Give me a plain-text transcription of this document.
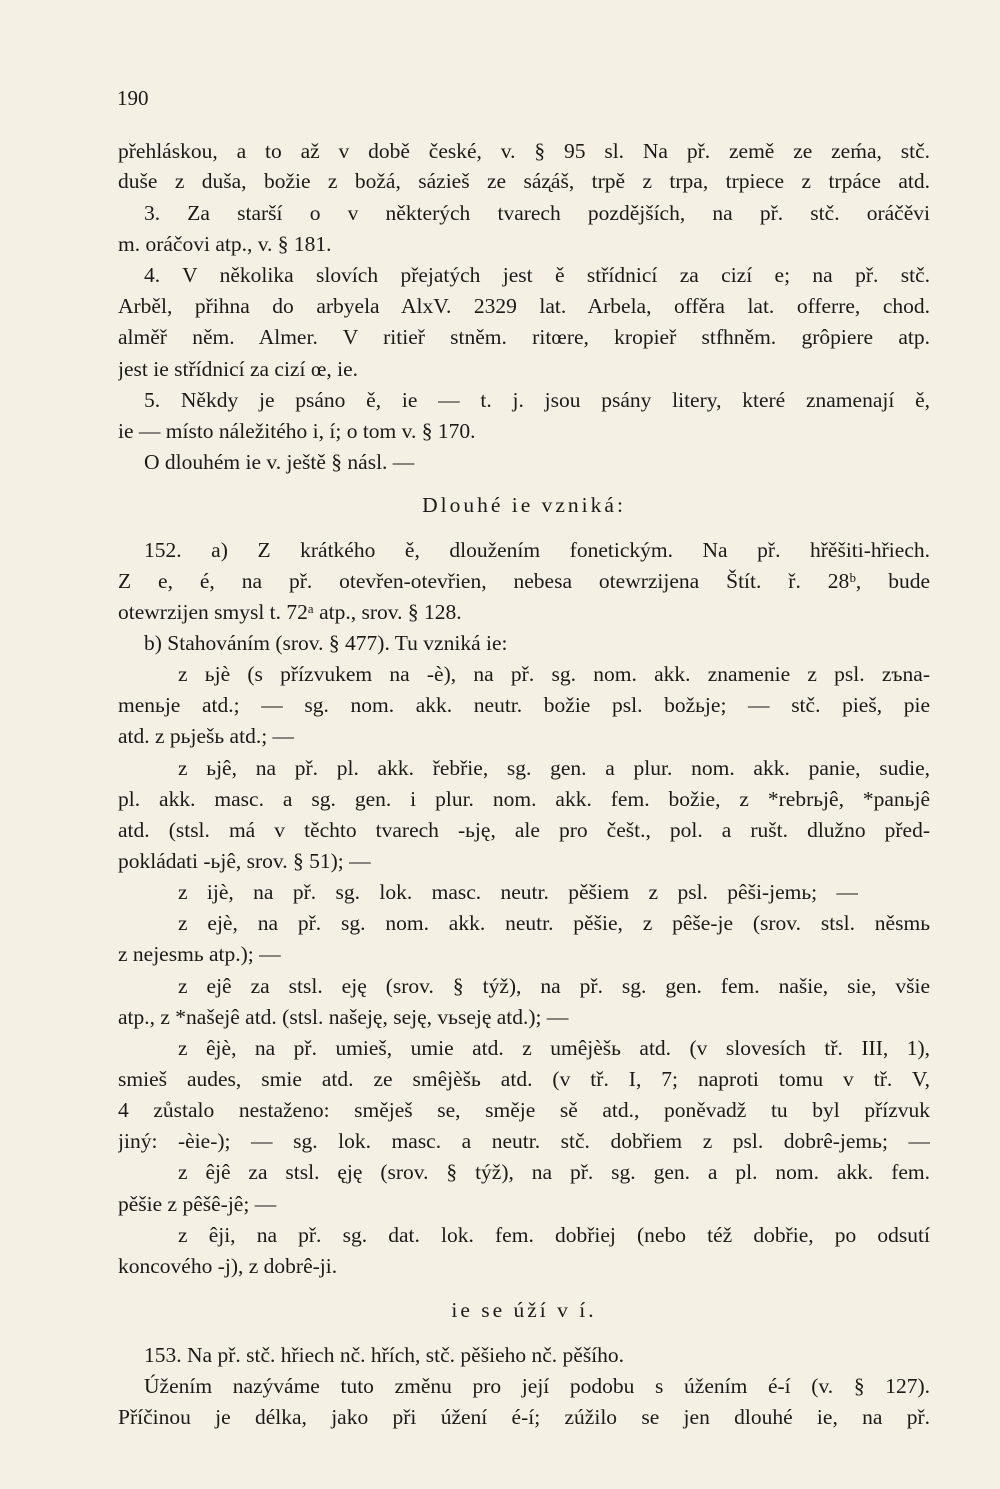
190
přehláskou, a to až v době české, v. § 95 sl. Na př. země ze zeḿa, stč.
duše z duša, božie z božá, sázieš ze sáz̨áš, trpě z trpa, trpiece z trpáce atd.
3. Za starší o v některých tvarech pozdějších, na př. stč. oráčěvi
m. oráčovi atp., v. § 181.
4. V několika slovích přejatých jest ě střídnicí za cizí e; na př. stč.
Arběl, přihna do arbyela AlxV. 2329 lat. Arbela, offěra lat. offerre, chod.
alměř něm. Almer. V ritieř stněm. ritœre, kropieř stfhněm. grôpiere atp.
jest ie střídnicí za cizí œ, ie.
5. Někdy je psáno ě, ie — t. j. jsou psány litery, které znamenají ě,
ie — místo náležitého i, í; o tom v. § 170.
O dlouhém ie v. ještě § násl. —
Dlouhé ie vzniká:
152. a) Z krátkého ě, dloužením fonetickým. Na př. hřěšiti-hřiech.
Z e, é, na př. otevřen-otevřien, nebesa otewrzijena Štít. ř. 28ᵇ, bude
otewrzijen smysl t. 72ᵃ atp., srov. § 128.
b) Stahováním (srov. § 477). Tu vzniká ie:
z ьjè (s přízvukem na -è), na př. sg. nom. akk. znamenie z psl. zъna-
menьje atd.; — sg. nom. akk. neutr. božie psl. božьje; — stč. pieš, pie
atd. z pьješь atd.; —
z ьjê, na př. pl. akk. řebřie, sg. gen. a plur. nom. akk. panie, sudie,
pl. akk. masc. a sg. gen. i plur. nom. akk. fem. božie, z *rebrьjê, *panьjê
atd. (stsl. má v těchto tvarech -ьję, ale pro češt., pol. a rušt. dlužno před-
pokládati -ьjê, srov. § 51); —
z ijè, na př. sg. lok. masc. neutr. pěšiem z psl. pêši-jemь; —
z ejè, na př. sg. nom. akk. neutr. pěšie, z pêše-je (srov. stsl. něsmь
z nejesmь atp.); —
z ejê za stsl. eję (srov. § týž), na př. sg. gen. fem. našie, sie, všie
atp., z *našejê atd. (stsl. našeję, seję, vьseję atd.); —
z êjè, na př. umieš, umie atd. z umêjèšь atd. (v slovesích tř. III, 1),
smieš audes, smie atd. ze smêjèšь atd. (v tř. I, 7; naproti tomu v tř. V,
4 zůstalo nestaženo: směješ se, směje sě atd., poněvadž tu byl přízvuk
jiný: -èie-); — sg. lok. masc. a neutr. stč. dobřiem z psl. dobrê-jemь; —
z êjê za stsl. ęję (srov. § týž), na př. sg. gen. a pl. nom. akk. fem.
pěšie z pêšê-jê; —
z êji, na př. sg. dat. lok. fem. dobřiej (nebo též dobřie, po odsutí
koncového -j), z dobrê-ji.
ie se úží v í.
153. Na př. stč. hřiech nč. hřích, stč. pěšieho nč. pěšího.
Úžením nazýváme tuto změnu pro její podobu s úžením é-í (v. § 127).
Příčinou je délka, jako při úžení é-í; zúžilo se jen dlouhé ie, na př.
